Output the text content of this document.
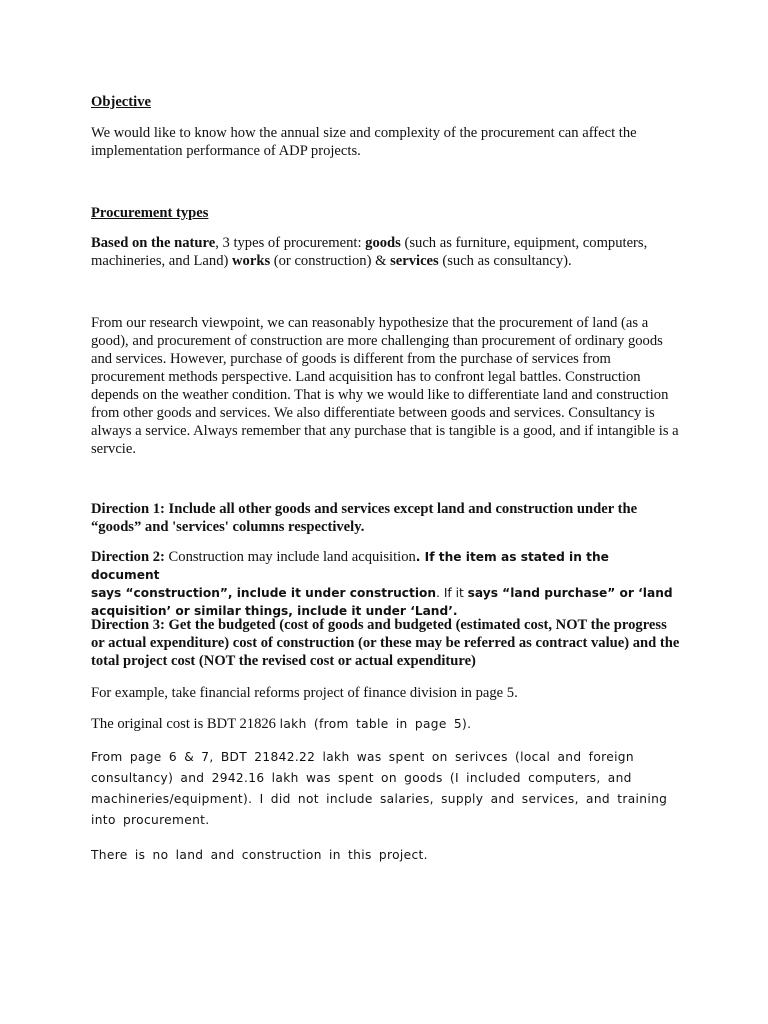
Objective

We would like to know how the annual size and complexity of the procurement can affect the implementation performance of ADP projects.

Procurement types

Based on the nature, 3 types of procurement: goods (such as furniture, equipment, computers, machineries, and Land) works (or construction) & services (such as consultancy).

From our research viewpoint, we can reasonably hypothesize that the procurement of land (as a good), and procurement of construction are more challenging than procurement of ordinary goods and services. However, purchase of goods is different from the purchase of services from procurement methods perspective. Land acquisition has to confront legal battles. Construction depends on the weather condition. That is why we would like to differentiate land and construction from other goods and services. We also differentiate between goods and services. Consultancy is always a service. Always remember that any purchase that is tangible is a good, and if intangible is a servcie.

Direction 1: Include all other goods and services except land and construction under the
“goods” and 'services' columns respectively.

Direction 2: Construction may include land acquisition. If the item as stated in the document
says “construction”, include it under construction. If it says “land purchase” or ‘land acquisition’ or similar things, include it under ‘Land’.

Direction 3: Get the budgeted (cost of goods and budgeted (estimated cost, NOT the progress or actual expenditure) cost of construction (or these may be referred as contract value) and the total project cost (NOT the revised cost or actual expenditure)

For example, take financial reforms project of finance division in page 5.

The original cost is BDT 21826 lakh (from table in page 5).

From page 6 & 7, BDT 21842.22 lakh was spent on serivces (local and foreign consultancy) and 2942.16 lakh was spent on goods (I included computers, and machineries/equipment). I did not include salaries, supply and services, and training into procurement.

There is no land and construction in this project.
